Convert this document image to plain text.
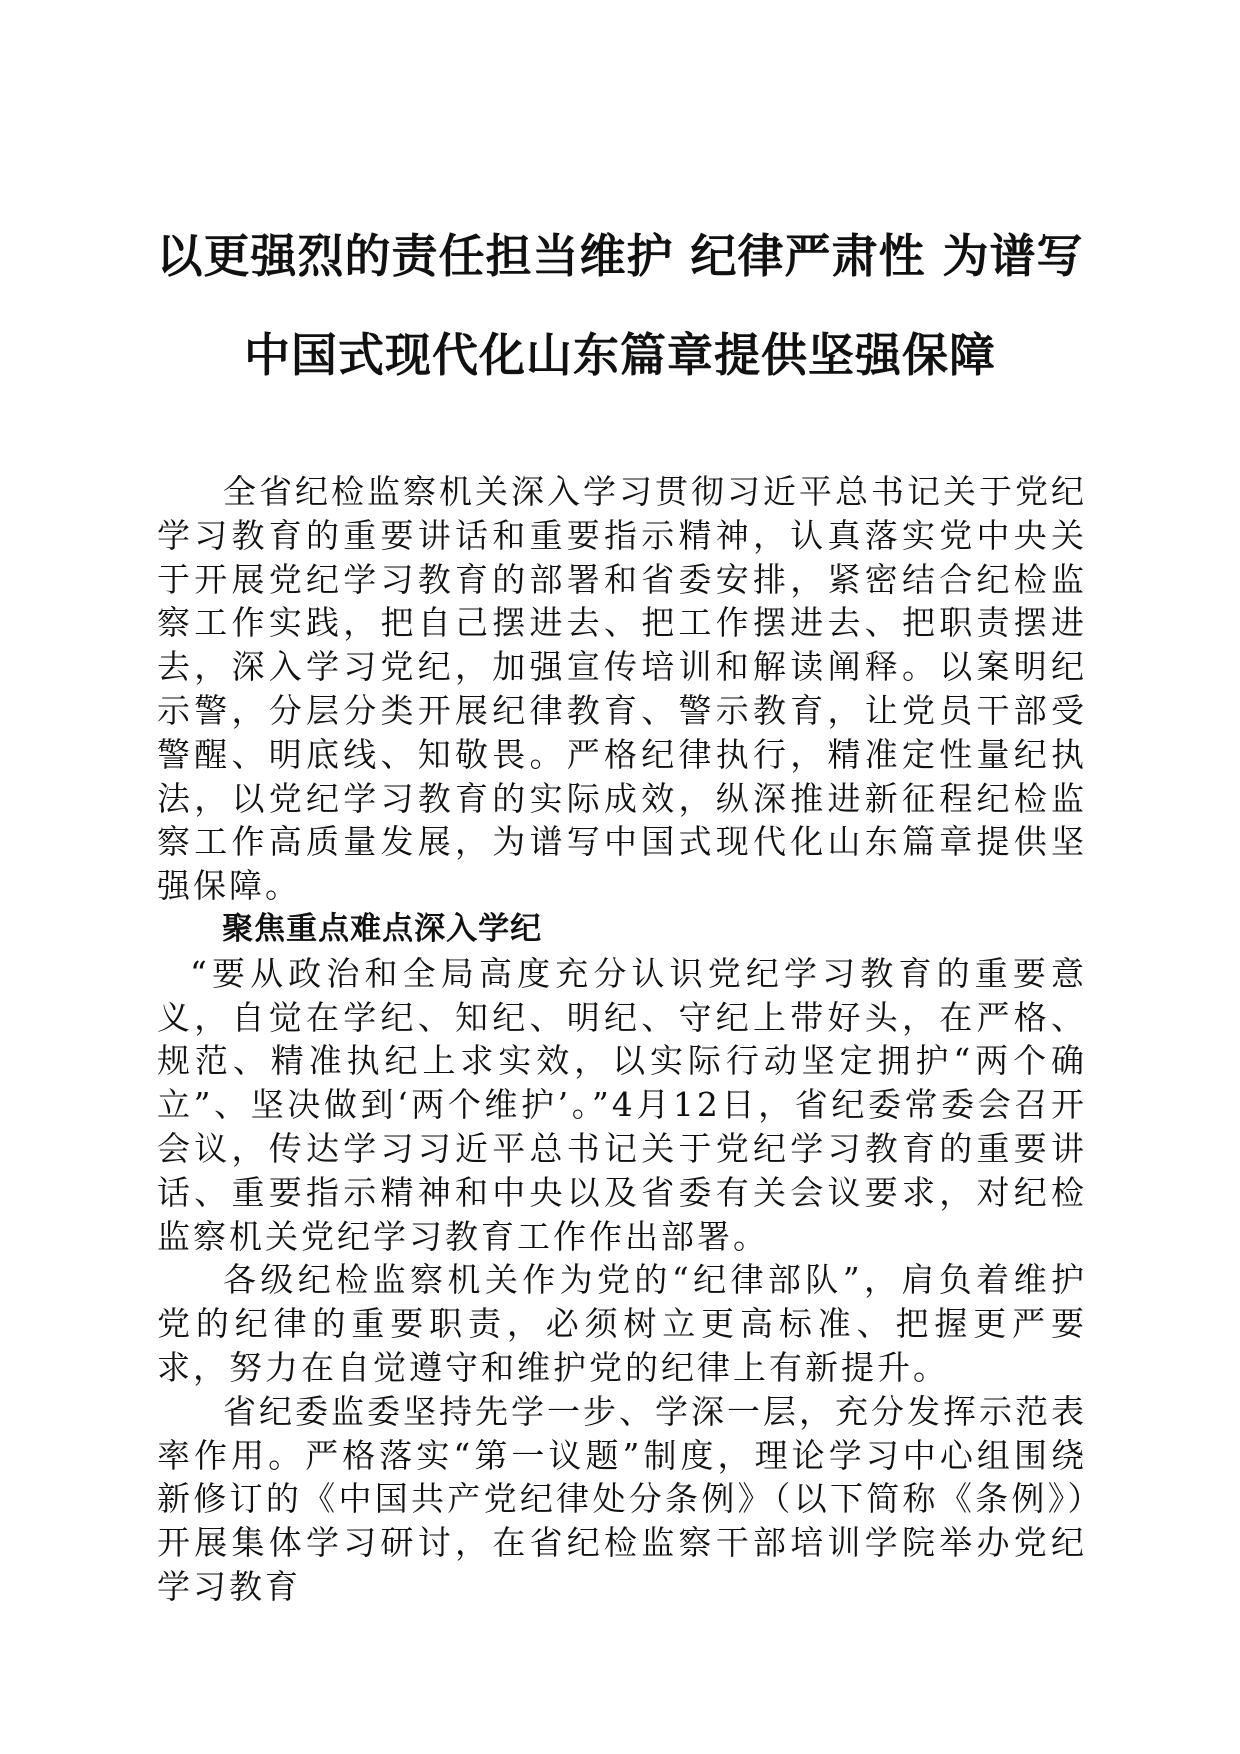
以更强烈的责任担当维护 纪律严肃性 为谱写
中国式现代化山东篇章提供坚强保障

全省纪检监察机关深入学习贯彻习近平总书记关于党纪学习教育的重要讲话和重要指示精神，认真落实党中央关于开展党纪学习教育的部署和省委安排，紧密结合纪检监察工作实践，把自己摆进去、把工作摆进去、把职责摆进去，深入学习党纪，加强宣传培训和解读阐释。以案明纪示警，分层分类开展纪律教育、警示教育，让党员干部受警醒、明底线、知敬畏。严格纪律执行，精准定性量纪执法，以党纪学习教育的实际成效，纵深推进新征程纪检监察工作高质量发展，为谱写中国式现代化山东篇章提供坚强保障。

聚焦重点难点深入学纪

“要从政治和全局高度充分认识党纪学习教育的重要意义，自觉在学纪、知纪、明纪、守纪上带好头，在严格、规范、精准执纪上求实效，以实际行动坚定拥护“两个确立”、坚决做到‘两个维护’。”4月12日，省纪委常委会召开会议，传达学习习近平总书记关于党纪学习教育的重要讲话、重要指示精神和中央以及省委有关会议要求，对纪检监察机关党纪学习教育工作作出部署。

各级纪检监察机关作为党的“纪律部队”，肩负着维护党的纪律的重要职责，必须树立更高标准、把握更严要求，努力在自觉遵守和维护党的纪律上有新提升。

省纪委监委坚持先学一步、学深一层，充分发挥示范表率作用。严格落实“第一议题”制度，理论学习中心组围绕新修订的《中国共产党纪律处分条例》（以下简称《条例》）开展集体学习研讨，在省纪检监察干部培训学院举办党纪学习教育
